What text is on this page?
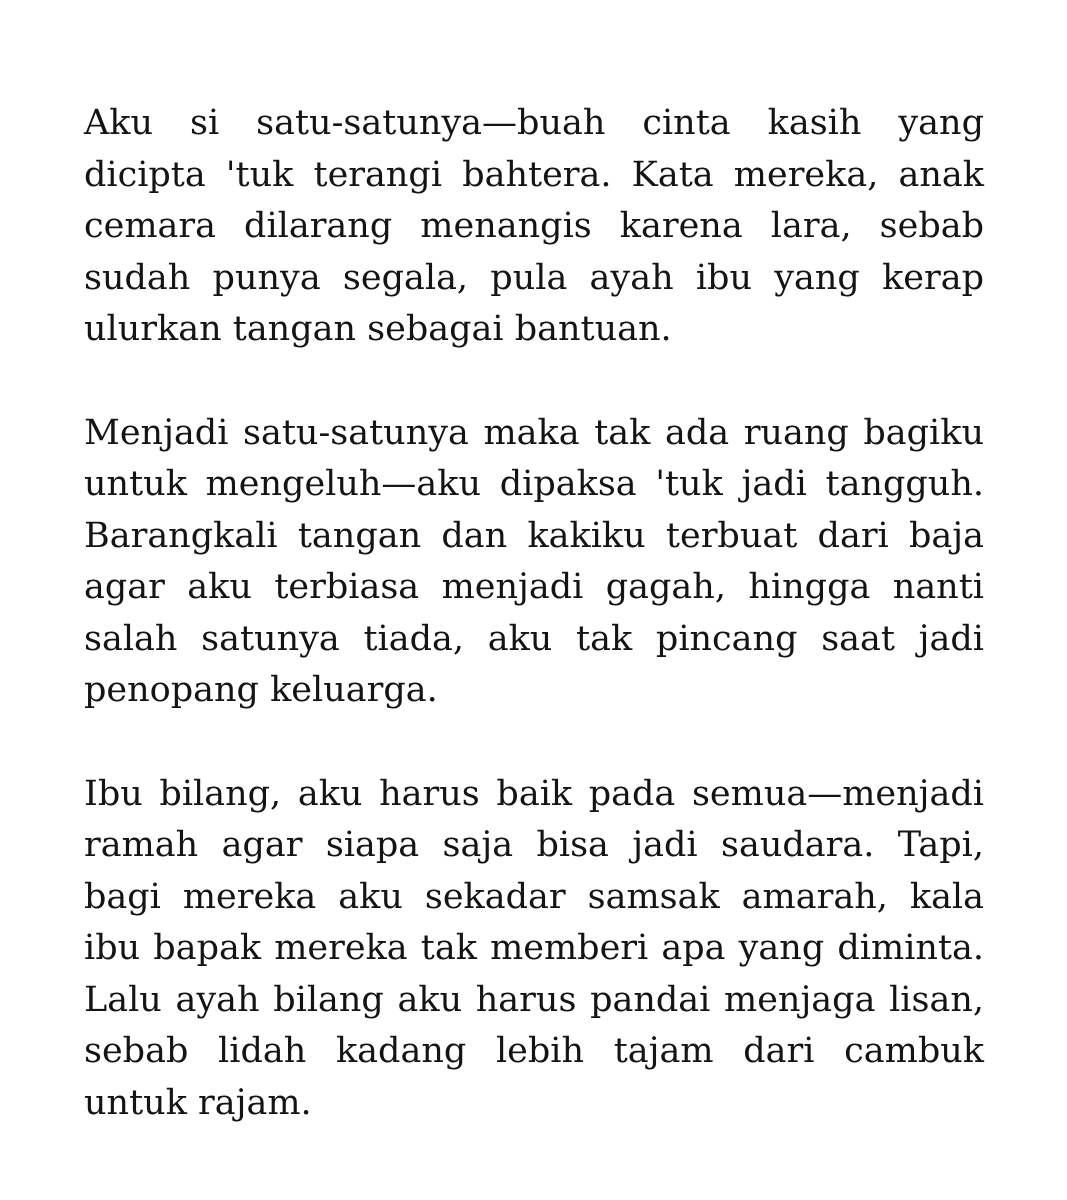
Aku si satu-satunya—buah cinta kasih yang dicipta 'tuk terangi bahtera. Kata mereka, anak cemara dilarang menangis karena lara, sebab sudah punya segala, pula ayah ibu yang kerap ulurkan tangan sebagai bantuan.

Menjadi satu-satunya maka tak ada ruang bagiku untuk mengeluh—aku dipaksa 'tuk jadi tangguh. Barangkali tangan dan kakiku terbuat dari baja agar aku terbiasa menjadi gagah, hingga nanti salah satunya tiada, aku tak pincang saat jadi penopang keluarga.

Ibu bilang, aku harus baik pada semua—menjadi ramah agar siapa saja bisa jadi saudara. Tapi, bagi mereka aku sekadar samsak amarah, kala ibu bapak mereka tak memberi apa yang diminta. Lalu ayah bilang aku harus pandai menjaga lisan, sebab lidah kadang lebih tajam dari cambuk untuk rajam.
